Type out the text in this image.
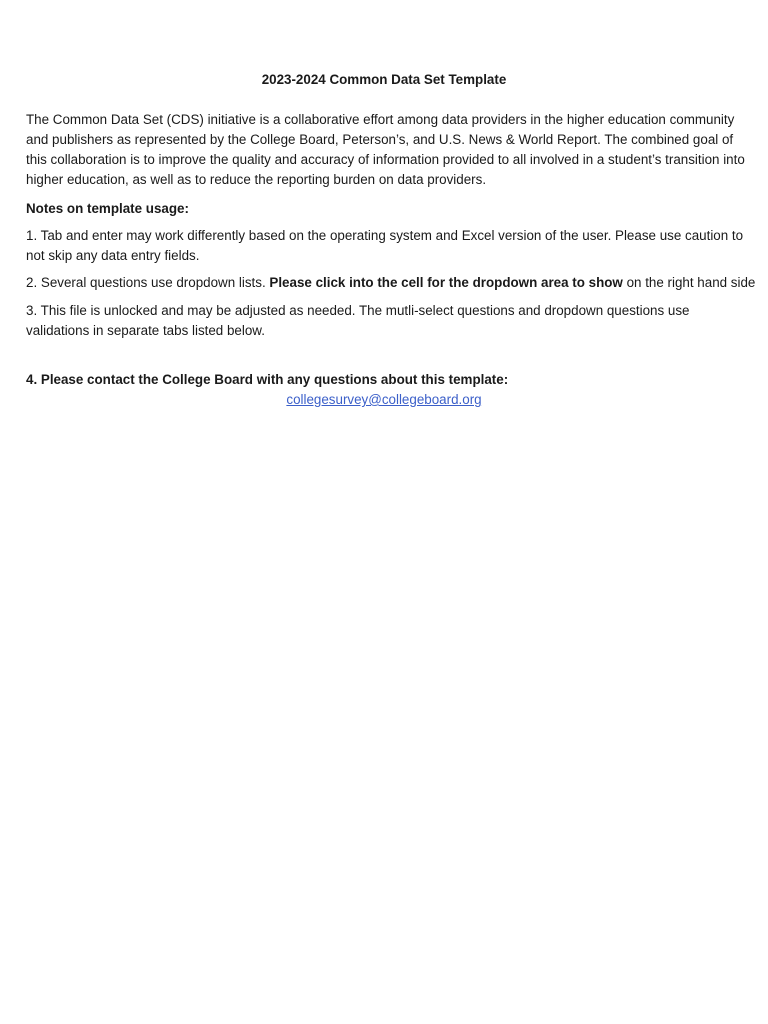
2023-2024 Common Data Set Template

The Common Data Set (CDS) initiative is a collaborative effort among data providers in the higher education community and publishers as represented by the College Board, Peterson’s, and U.S. News & World Report. The combined goal of this collaboration is to improve the quality and accuracy of information provided to all involved in a student’s transition into higher education, as well as to reduce the reporting burden on data providers.

Notes on template usage:

1. Tab and enter may work differently based on the operating system and Excel version of the user. Please use caution to not skip any data entry fields.

2. Several questions use dropdown lists. Please click into the cell for the dropdown area to show on the right hand side

3. This file is unlocked and may be adjusted as needed. The mutli-select questions and dropdown questions use validations in separate tabs listed below.

4. Please contact the College Board with any questions about this template:

collegesurvey@collegeboard.org
